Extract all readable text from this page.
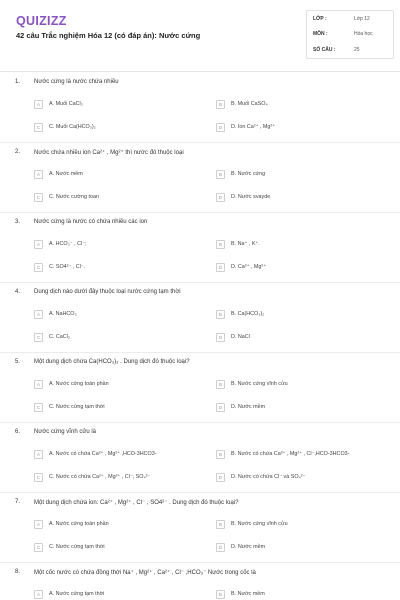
QUIZIZZ
42 câu Trắc nghiệm Hóa 12 (có đáp án): Nước cứng
LỚP :	Lớp 12
MÔN :	Hóa học
SỐ CÂU :	25
1. Nước cứng là nước chứa nhiều
A	A. Muối CaCl₂	B	B. Muối CaSO₄
C	C. Muối Ca(HCO₃)₂	D	D. Ion Ca²⁺ , Mg²⁺
2. Nước chứa nhiều ion Ca²⁺ , Mg²⁺ thì nước đó thuộc loại
A	A. Nước mềm	B	B. Nước cứng
C	C. Nước cường toan	D	D. Nước svayde
3. Nước cứng là nước có chứa nhiều các ion
A	A. HCO₃⁻ , Cl⁻;	B	B. Na⁺ , K⁺.
C	C. SO4²⁻ , Cl⁻.	D	D. Ca²⁺ , Mg²⁺
4. Dung dịch nào dưới đây thuộc loại nước cứng tạm thời
A	A. NaHCO₃	B	B. Ca(HCO₃)₂
C	C. CaCl₂	D	D. NaCl
5. Một dung dịch chứa Ca(HCO₃)₂ . Dung dịch đó thuộc loại?
A	A. Nước cứng toàn phần	B	B. Nước cứng vĩnh cửu
C	C. Nước cứng tạm thời	D	D. Nước mềm
6. Nước cứng vĩnh cửu là
A	A. Nước có chứa Ca²⁺ , Mg²⁺ ,HCO-3HCO3-	B	B. Nước có chứa Ca²⁺ , Mg²⁺ , Cl⁻,HCO-3HCO3-
C	C. Nước có chứa Ca²⁺ , Mg²⁺ , Cl⁻, SO₄²⁻	D	D. Nước có chứa Cl⁻ và SO₄²⁻
7. Một dung dịch chứa ion: Ca²⁺ , Mg²⁺ , Cl⁻ , SO4²⁻ . Dung dịch đó thuộc loại?
A	A. Nước cứng toàn phần	B	B. Nước cứng vĩnh cửu
C	C. Nước cứng tạm thời	D	D. Nước mềm
8. Một cốc nước có chứa đồng thời Na⁺ , Mg²⁺ , Ca²⁺ , Cl⁻ ,HCO₃⁻ Nước trong cốc là
A	A. Nước cứng tạm thời	B	B. Nước mềm
